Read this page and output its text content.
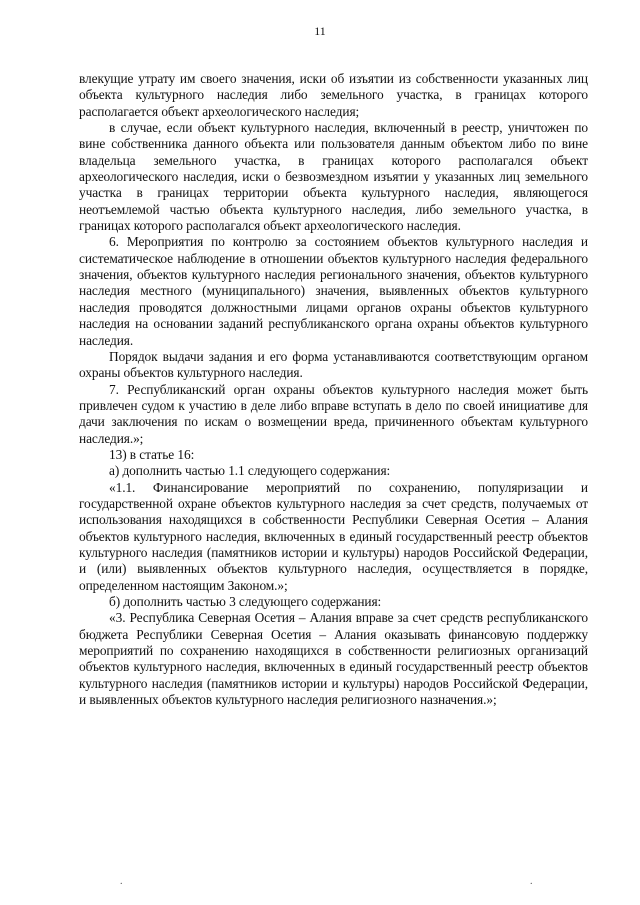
11

влекущие утрату им своего значения, иски об изъятии из собственности указанных лиц объекта культурного наследия либо земельного участка, в границах которого располагается объект археологического наследия;

в случае, если объект культурного наследия, включенный в реестр, уничтожен по вине собственника данного объекта или пользователя данным объектом либо по вине владельца земельного участка, в границах которого располагался объект археологического наследия, иски о безвозмездном изъятии у указанных лиц земельного участка в границах территории объекта культурного наследия, являющегося неотъемлемой частью объекта культурного наследия, либо земельного участка, в границах которого располагался объект археологического наследия.

6. Мероприятия по контролю за состоянием объектов культурного наследия и систематическое наблюдение в отношении объектов культурного наследия федерального значения, объектов культурного наследия регионального значения, объектов культурного наследия местного (муниципального) значения, выявленных объектов культурного наследия проводятся должностными лицами органов охраны объектов культурного наследия на основании заданий республиканского органа охраны объектов культурного наследия.

Порядок выдачи задания и его форма устанавливаются соответствующим органом охраны объектов культурного наследия.

7. Республиканский орган охраны объектов культурного наследия может быть привлечен судом к участию в деле либо вправе вступать в дело по своей инициативе для дачи заключения по искам о возмещении вреда, причиненного объектам культурного наследия.»;

13) в статье 16:

а) дополнить частью 1.1 следующего содержания:

«1.1. Финансирование мероприятий по сохранению, популяризации и государственной охране объектов культурного наследия за счет средств, получаемых от использования находящихся в собственности Республики Северная Осетия – Алания объектов культурного наследия, включенных в единый государственный реестр объектов культурного наследия (памятников истории и культуры) народов Российской Федерации, и (или) выявленных объектов культурного наследия, осуществляется в порядке, определенном настоящим Законом.»;

б) дополнить частью 3 следующего содержания:

«3. Республика Северная Осетия – Алания вправе за счет средств республиканского бюджета Республики Северная Осетия – Алания оказывать финансовую поддержку мероприятий по сохранению находящихся в собственности религиозных организаций объектов культурного наследия, включенных в единый государственный реестр объектов культурного наследия (памятников истории и культуры) народов Российской Федерации, и выявленных объектов культурного наследия религиозного назначения.»;

.	.
